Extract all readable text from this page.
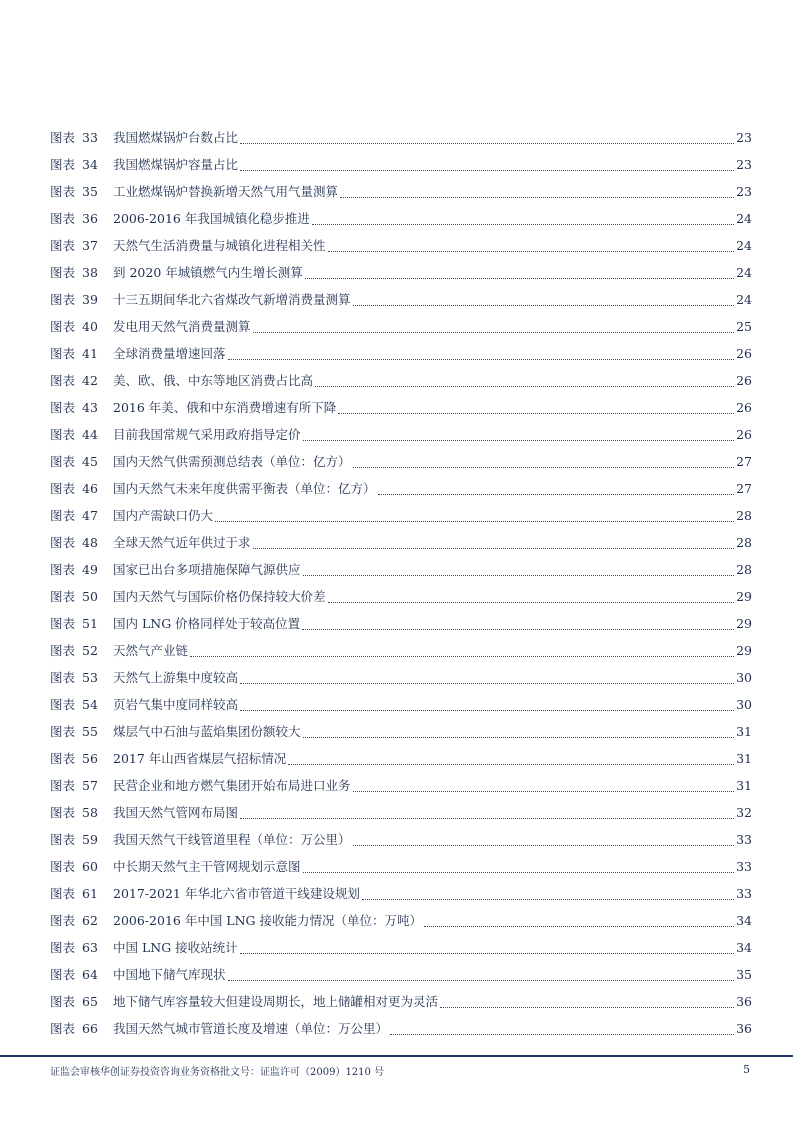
图表 33	我国燃煤锅炉台数占比	23
图表 34	我国燃煤锅炉容量占比	23
图表 35	工业燃煤锅炉替换新增天然气用气量测算	23
图表 36	2006-2016 年我国城镇化稳步推进	24
图表 37	天然气生活消费量与城镇化进程相关性	24
图表 38	到 2020 年城镇燃气内生增长测算	24
图表 39	十三五期间华北六省煤改气新增消费量测算	24
图表 40	发电用天然气消费量测算	25
图表 41	全球消费量增速回落	26
图表 42	美、欧、俄、中东等地区消费占比高	26
图表 43	2016 年美、俄和中东消费增速有所下降	26
图表 44	目前我国常规气采用政府指导定价	26
图表 45	国内天然气供需预测总结表（单位：亿方）	27
图表 46	国内天然气未来年度供需平衡表（单位：亿方）	27
图表 47	国内产需缺口仍大	28
图表 48	全球天然气近年供过于求	28
图表 49	国家已出台多项措施保障气源供应	28
图表 50	国内天然气与国际价格仍保持较大价差	29
图表 51	国内 LNG 价格同样处于较高位置	29
图表 52	天然气产业链	29
图表 53	天然气上游集中度较高	30
图表 54	页岩气集中度同样较高	30
图表 55	煤层气中石油与蓝焰集团份额较大	31
图表 56	2017 年山西省煤层气招标情况	31
图表 57	民营企业和地方燃气集团开始布局进口业务	31
图表 58	我国天然气管网布局图	32
图表 59	我国天然气干线管道里程（单位：万公里）	33
图表 60	中长期天然气主干管网规划示意图	33
图表 61	2017-2021 年华北六省市管道干线建设规划	33
图表 62	2006-2016 年中国 LNG 接收能力情况（单位：万吨）	34
图表 63	中国 LNG 接收站统计	34
图表 64	中国地下储气库现状	35
图表 65	地下储气库容量较大但建设周期长，地上储罐相对更为灵活	36
图表 66	我国天然气城市管道长度及增速（单位：万公里）	36
证监会审核华创证券投资咨询业务资格批文号：证监许可（2009）1210 号	5
